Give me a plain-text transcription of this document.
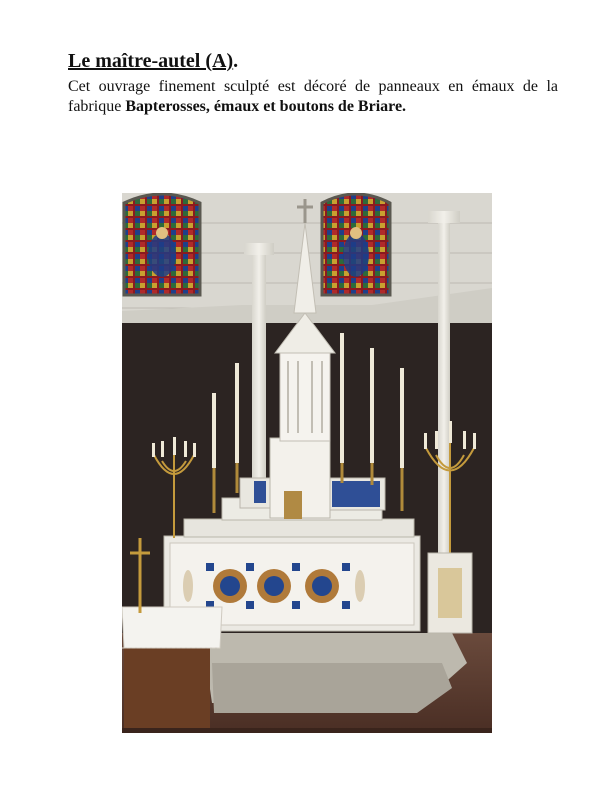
Le maître-autel (A).
Cet ouvrage finement sculpté est décoré de panneaux en émaux de la fabrique Bapterosses, émaux et boutons de Briare.
